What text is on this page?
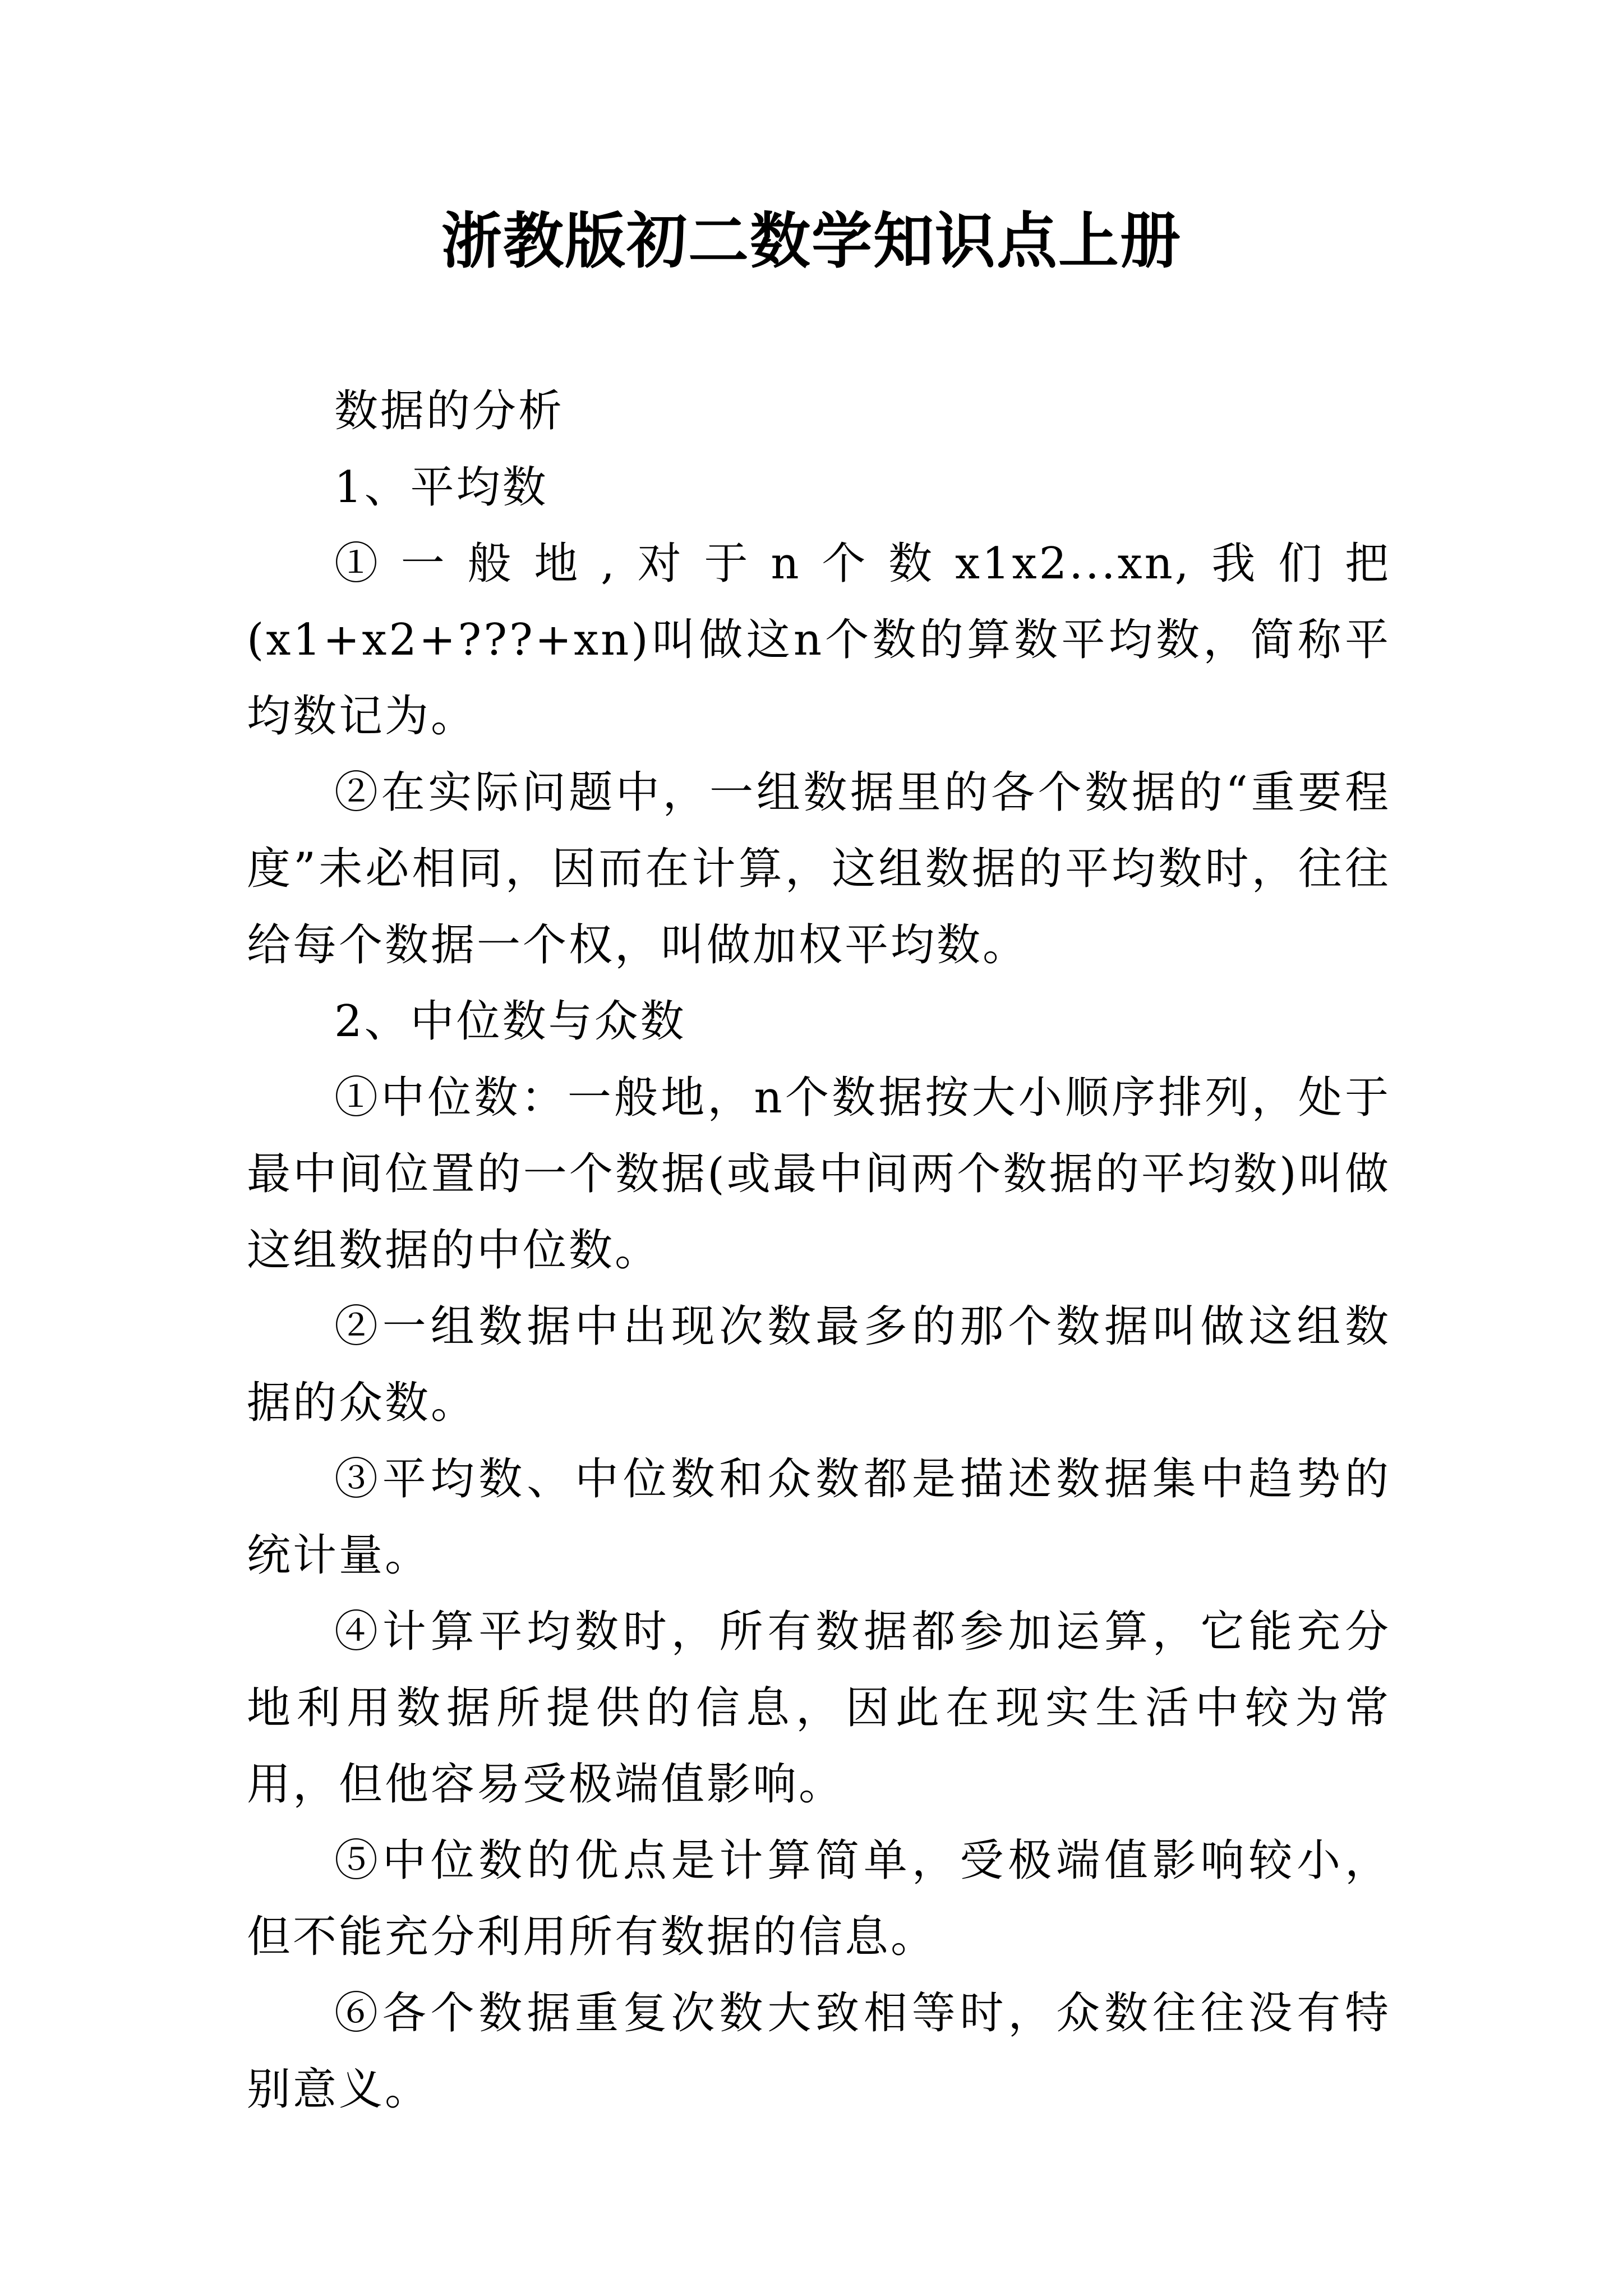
浙教版初二数学知识点上册

数据的分析

1、平均数

①一般地,对于n个数x1x2...xn,我们把(x1+x2+???+xn)叫做这n个数的算数平均数，简称平均数记为。

②在实际问题中，一组数据里的各个数据的“重要程度”未必相同，因而在计算，这组数据的平均数时，往往给每个数据一个权，叫做加权平均数。

2、中位数与众数

①中位数：一般地，n个数据按大小顺序排列，处于最中间位置的一个数据(或最中间两个数据的平均数)叫做这组数据的中位数。

②一组数据中出现次数最多的那个数据叫做这组数据的众数。

③平均数、中位数和众数都是描述数据集中趋势的统计量。

④计算平均数时，所有数据都参加运算，它能充分地利用数据所提供的信息，因此在现实生活中较为常用，但他容易受极端值影响。

⑤中位数的优点是计算简单，受极端值影响较小，但不能充分利用所有数据的信息。

⑥各个数据重复次数大致相等时，众数往往没有特别意义。
